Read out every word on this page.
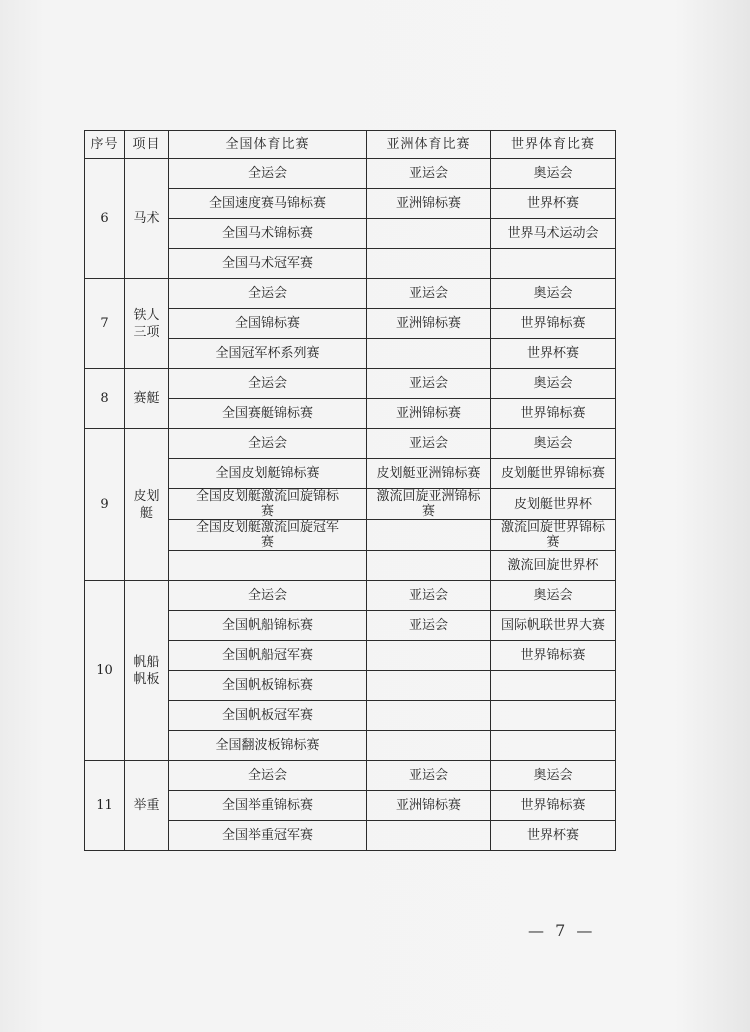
序号	项目	全国体育比赛	亚洲体育比赛	世界体育比赛
6	马术	全运会	亚运会	奥运会
		全国速度赛马锦标赛	亚洲锦标赛	世界杯赛
		全国马术锦标赛		世界马术运动会
		全国马术冠军赛		
7	铁人三项	全运会	亚运会	奥运会
		全国锦标赛	亚洲锦标赛	世界锦标赛
		全国冠军杯系列赛		世界杯赛
8	赛艇	全运会	亚运会	奥运会
		全国赛艇锦标赛	亚洲锦标赛	世界锦标赛
9	皮划艇	全运会	亚运会	奥运会
		全国皮划艇锦标赛	皮划艇亚洲锦标赛	皮划艇世界锦标赛
		全国皮划艇激流回旋锦标赛	激流回旋亚洲锦标赛	皮划艇世界杯
		全国皮划艇激流回旋冠军赛		激流回旋世界锦标赛
				激流回旋世界杯
10	帆船帆板	全运会	亚运会	奥运会
		全国帆船锦标赛	亚运会	国际帆联世界大赛
		全国帆船冠军赛		世界锦标赛
		全国帆板锦标赛		
		全国帆板冠军赛		
		全国翻波板锦标赛		
11	举重	全运会	亚运会	奥运会
		全国举重锦标赛	亚洲锦标赛	世界锦标赛
		全国举重冠军赛		世界杯赛
— 7 —
